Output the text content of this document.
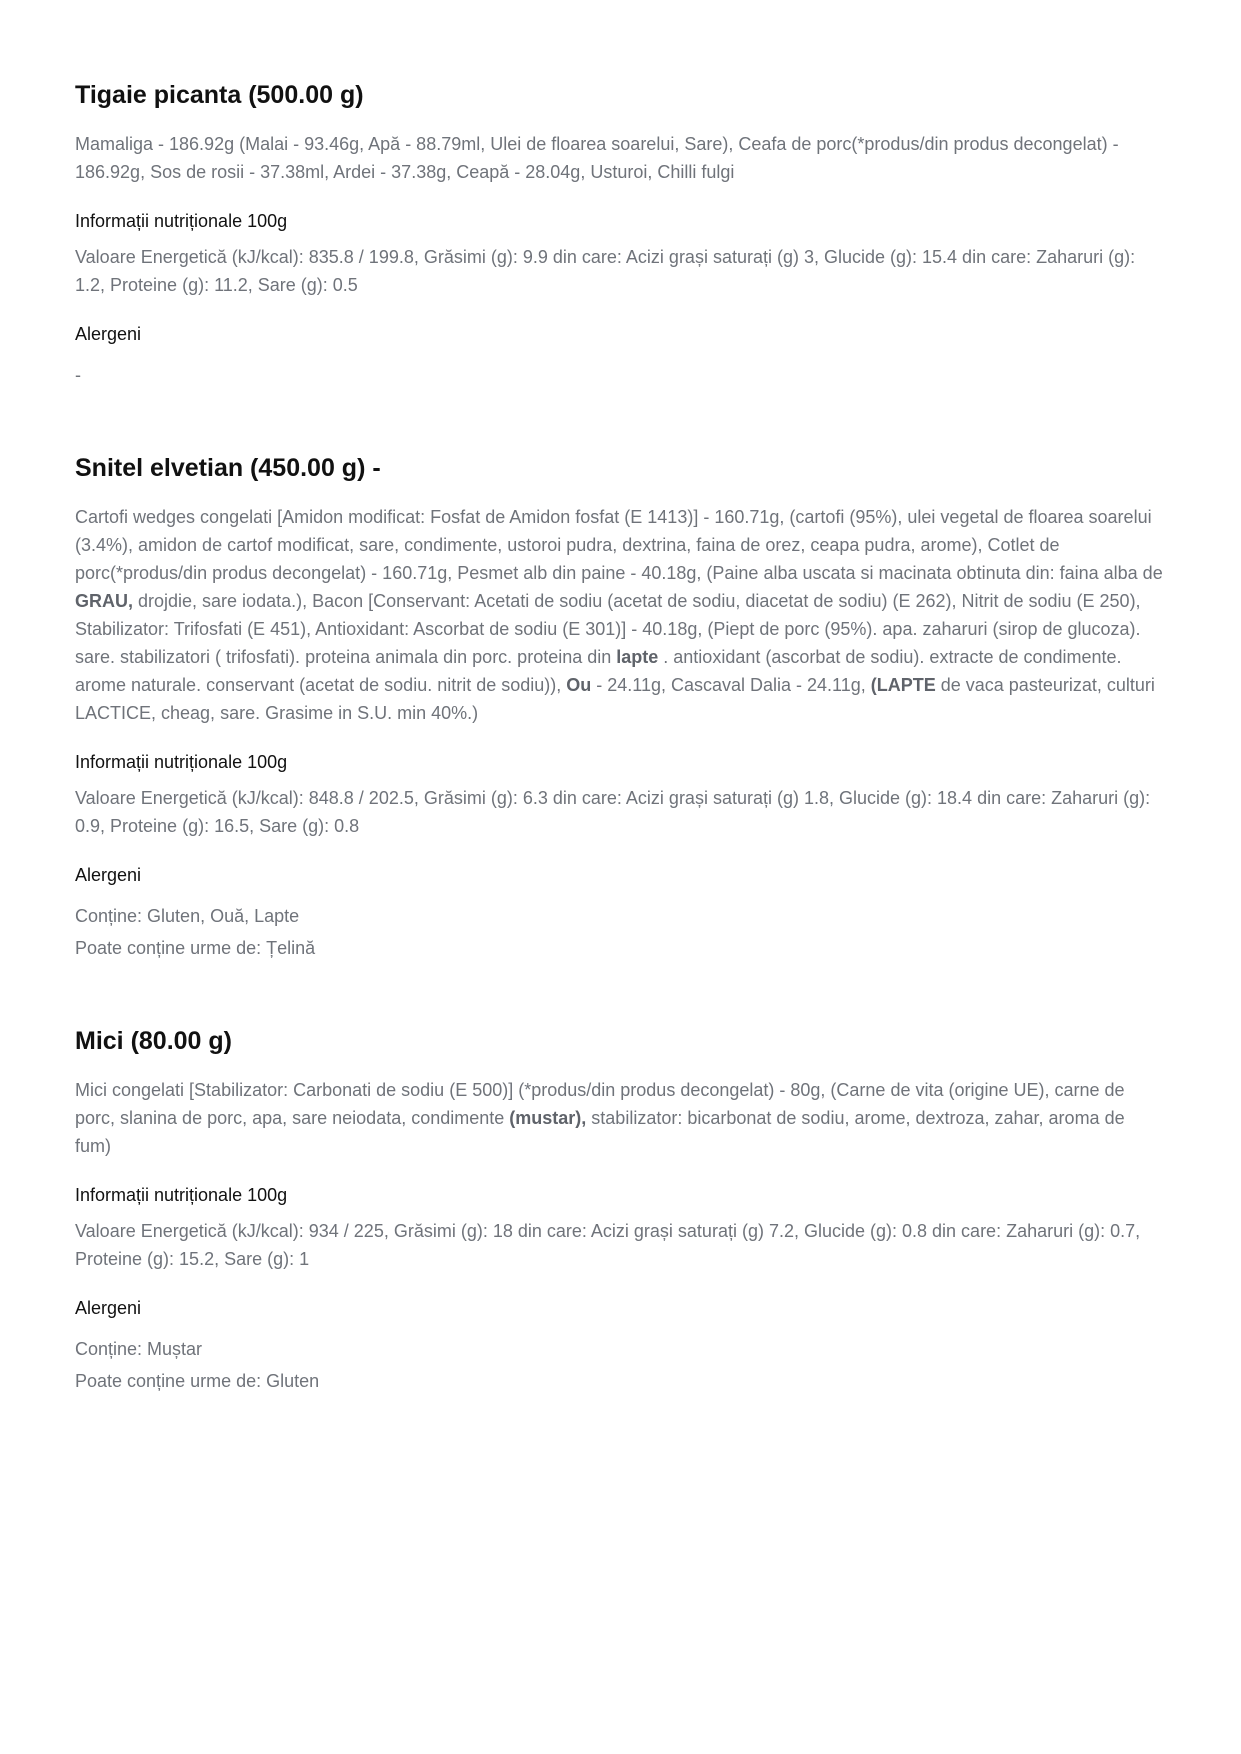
Tigaie picanta (500.00 g)

Mamaliga - 186.92g (Malai - 93.46g, Apă - 88.79ml, Ulei de floarea soarelui, Sare), Ceafa de porc(*produs/din produs decongelat) - 186.92g, Sos de rosii - 37.38ml, Ardei - 37.38g, Ceapă - 28.04g, Usturoi, Chilli fulgi

Informații nutriționale 100g

Valoare Energetică (kJ/kcal): 835.8 / 199.8, Grăsimi (g): 9.9 din care: Acizi grași saturați (g) 3, Glucide (g): 15.4 din care: Zaharuri (g): 1.2, Proteine (g): 11.2, Sare (g): 0.5

Alergeni

-

Snitel elvetian (450.00 g) -

Cartofi wedges congelati [Amidon modificat: Fosfat de Amidon fosfat (E 1413)] - 160.71g, (cartofi (95%), ulei vegetal de floarea soarelui (3.4%), amidon de cartof modificat, sare, condimente, ustoroi pudra, dextrina, faina de orez, ceapa pudra, arome), Cotlet de porc(*produs/din produs decongelat) - 160.71g, Pesmet alb din paine - 40.18g, (Paine alba uscata si macinata obtinuta din: faina alba de GRAU, drojdie, sare iodata.), Bacon [Conservant: Acetati de sodiu (acetat de sodiu, diacetat de sodiu) (E 262), Nitrit de sodiu (E 250), Stabilizator: Trifosfati (E 451), Antioxidant: Ascorbat de sodiu (E 301)] - 40.18g, (Piept de porc (95%). apa. zaharuri (sirop de glucoza). sare. stabilizatori ( trifosfati). proteina animala din porc. proteina din lapte . antioxidant (ascorbat de sodiu). extracte de condimente. arome naturale. conservant (acetat de sodiu. nitrit de sodiu)), Ou - 24.11g, Cascaval Dalia - 24.11g, (LAPTE de vaca pasteurizat, culturi LACTICE, cheag, sare. Grasime in S.U. min 40%.)

Informații nutriționale 100g

Valoare Energetică (kJ/kcal): 848.8 / 202.5, Grăsimi (g): 6.3 din care: Acizi grași saturați (g) 1.8, Glucide (g): 18.4 din care: Zaharuri (g): 0.9, Proteine (g): 16.5, Sare (g): 0.8

Alergeni

Conține: Gluten, Ouă, Lapte

Poate conține urme de: Țelină

Mici (80.00 g)

Mici congelati [Stabilizator: Carbonati de sodiu (E 500)] (*produs/din produs decongelat) - 80g, (Carne de vita (origine UE), carne de porc, slanina de porc, apa, sare neiodata, condimente (mustar), stabilizator: bicarbonat de sodiu, arome, dextroza, zahar, aroma de fum)

Informații nutriționale 100g

Valoare Energetică (kJ/kcal): 934 / 225, Grăsimi (g): 18 din care: Acizi grași saturați (g) 7.2, Glucide (g): 0.8 din care: Zaharuri (g): 0.7, Proteine (g): 15.2, Sare (g): 1

Alergeni

Conține: Muștar

Poate conține urme de: Gluten
